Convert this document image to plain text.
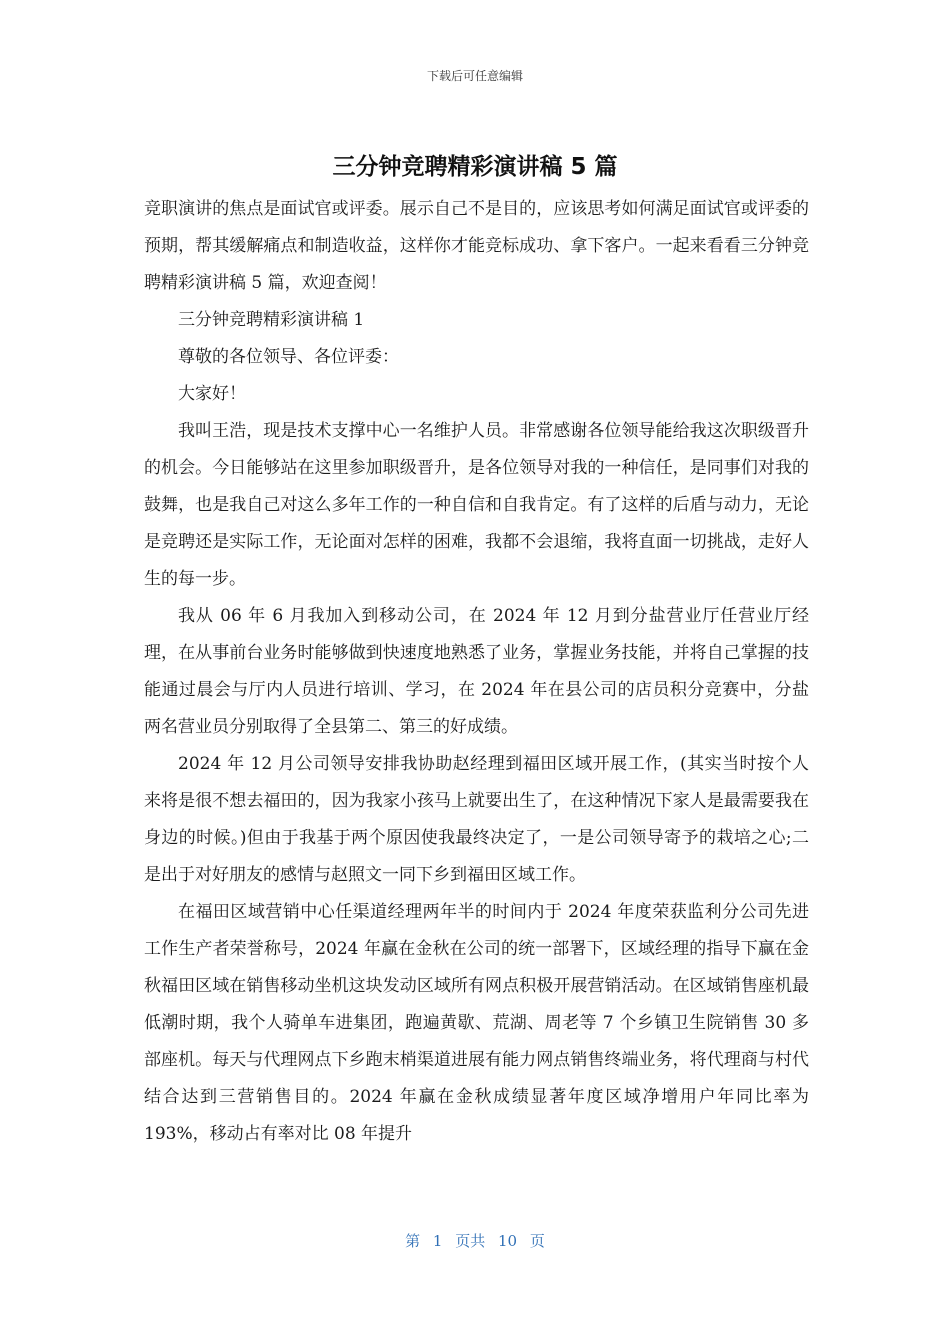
下载后可任意编辑
三分钟竞聘精彩演讲稿 5 篇

竞职演讲的焦点是面试官或评委。展示自己不是目的，应该思考如何满足面试官或评委的预期，帮其缓解痛点和制造收益，这样你才能竞标成功、拿下客户。一起来看看三分钟竞聘精彩演讲稿 5 篇，欢迎查阅！

三分钟竞聘精彩演讲稿 1

尊敬的各位领导、各位评委：

大家好！

我叫王浩，现是技术支撑中心一名维护人员。非常感谢各位领导能给我这次职级晋升的机会。今日能够站在这里参加职级晋升，是各位领导对我的一种信任，是同事们对我的鼓舞，也是我自己对这么多年工作的一种自信和自我肯定。有了这样的后盾与动力，无论是竞聘还是实际工作，无论面对怎样的困难，我都不会退缩，我将直面一切挑战，走好人生的每一步。

我从 06 年 6 月我加入到移动公司，在 2024 年 12 月到分盐营业厅任营业厅经理，在从事前台业务时能够做到快速度地熟悉了业务，掌握业务技能，并将自己掌握的技能通过晨会与厅内人员进行培训、学习，在 2024 年在县公司的店员积分竞赛中，分盐两名营业员分别取得了全县第二、第三的好成绩。

2024 年 12 月公司领导安排我协助赵经理到福田区域开展工作，(其实当时按个人来将是很不想去福田的，因为我家小孩马上就要出生了，在这种情况下家人是最需要我在身边的时候。)但由于我基于两个原因使我最终决定了，一是公司领导寄予的栽培之心;二是出于对好朋友的感情与赵照文一同下乡到福田区域工作。

在福田区域营销中心任渠道经理两年半的时间内于 2024 年度荣获监利分公司先进工作生产者荣誉称号，2024 年赢在金秋在公司的统一部署下，区域经理的指导下赢在金秋福田区域在销售移动坐机这块发动区域所有网点积极开展营销活动。在区域销售座机最低潮时期，我个人骑单车进集团，跑遍黄歇、荒湖、周老等 7 个乡镇卫生院销售 30 多部座机。每天与代理网点下乡跑末梢渠道进展有能力网点销售终端业务，将代理商与村代结合达到三营销售目的。2024 年赢在金秋成绩显著年度区域净增用户年同比率为 193%，移动占有率对比 08 年提升

第 1 页共 10 页
